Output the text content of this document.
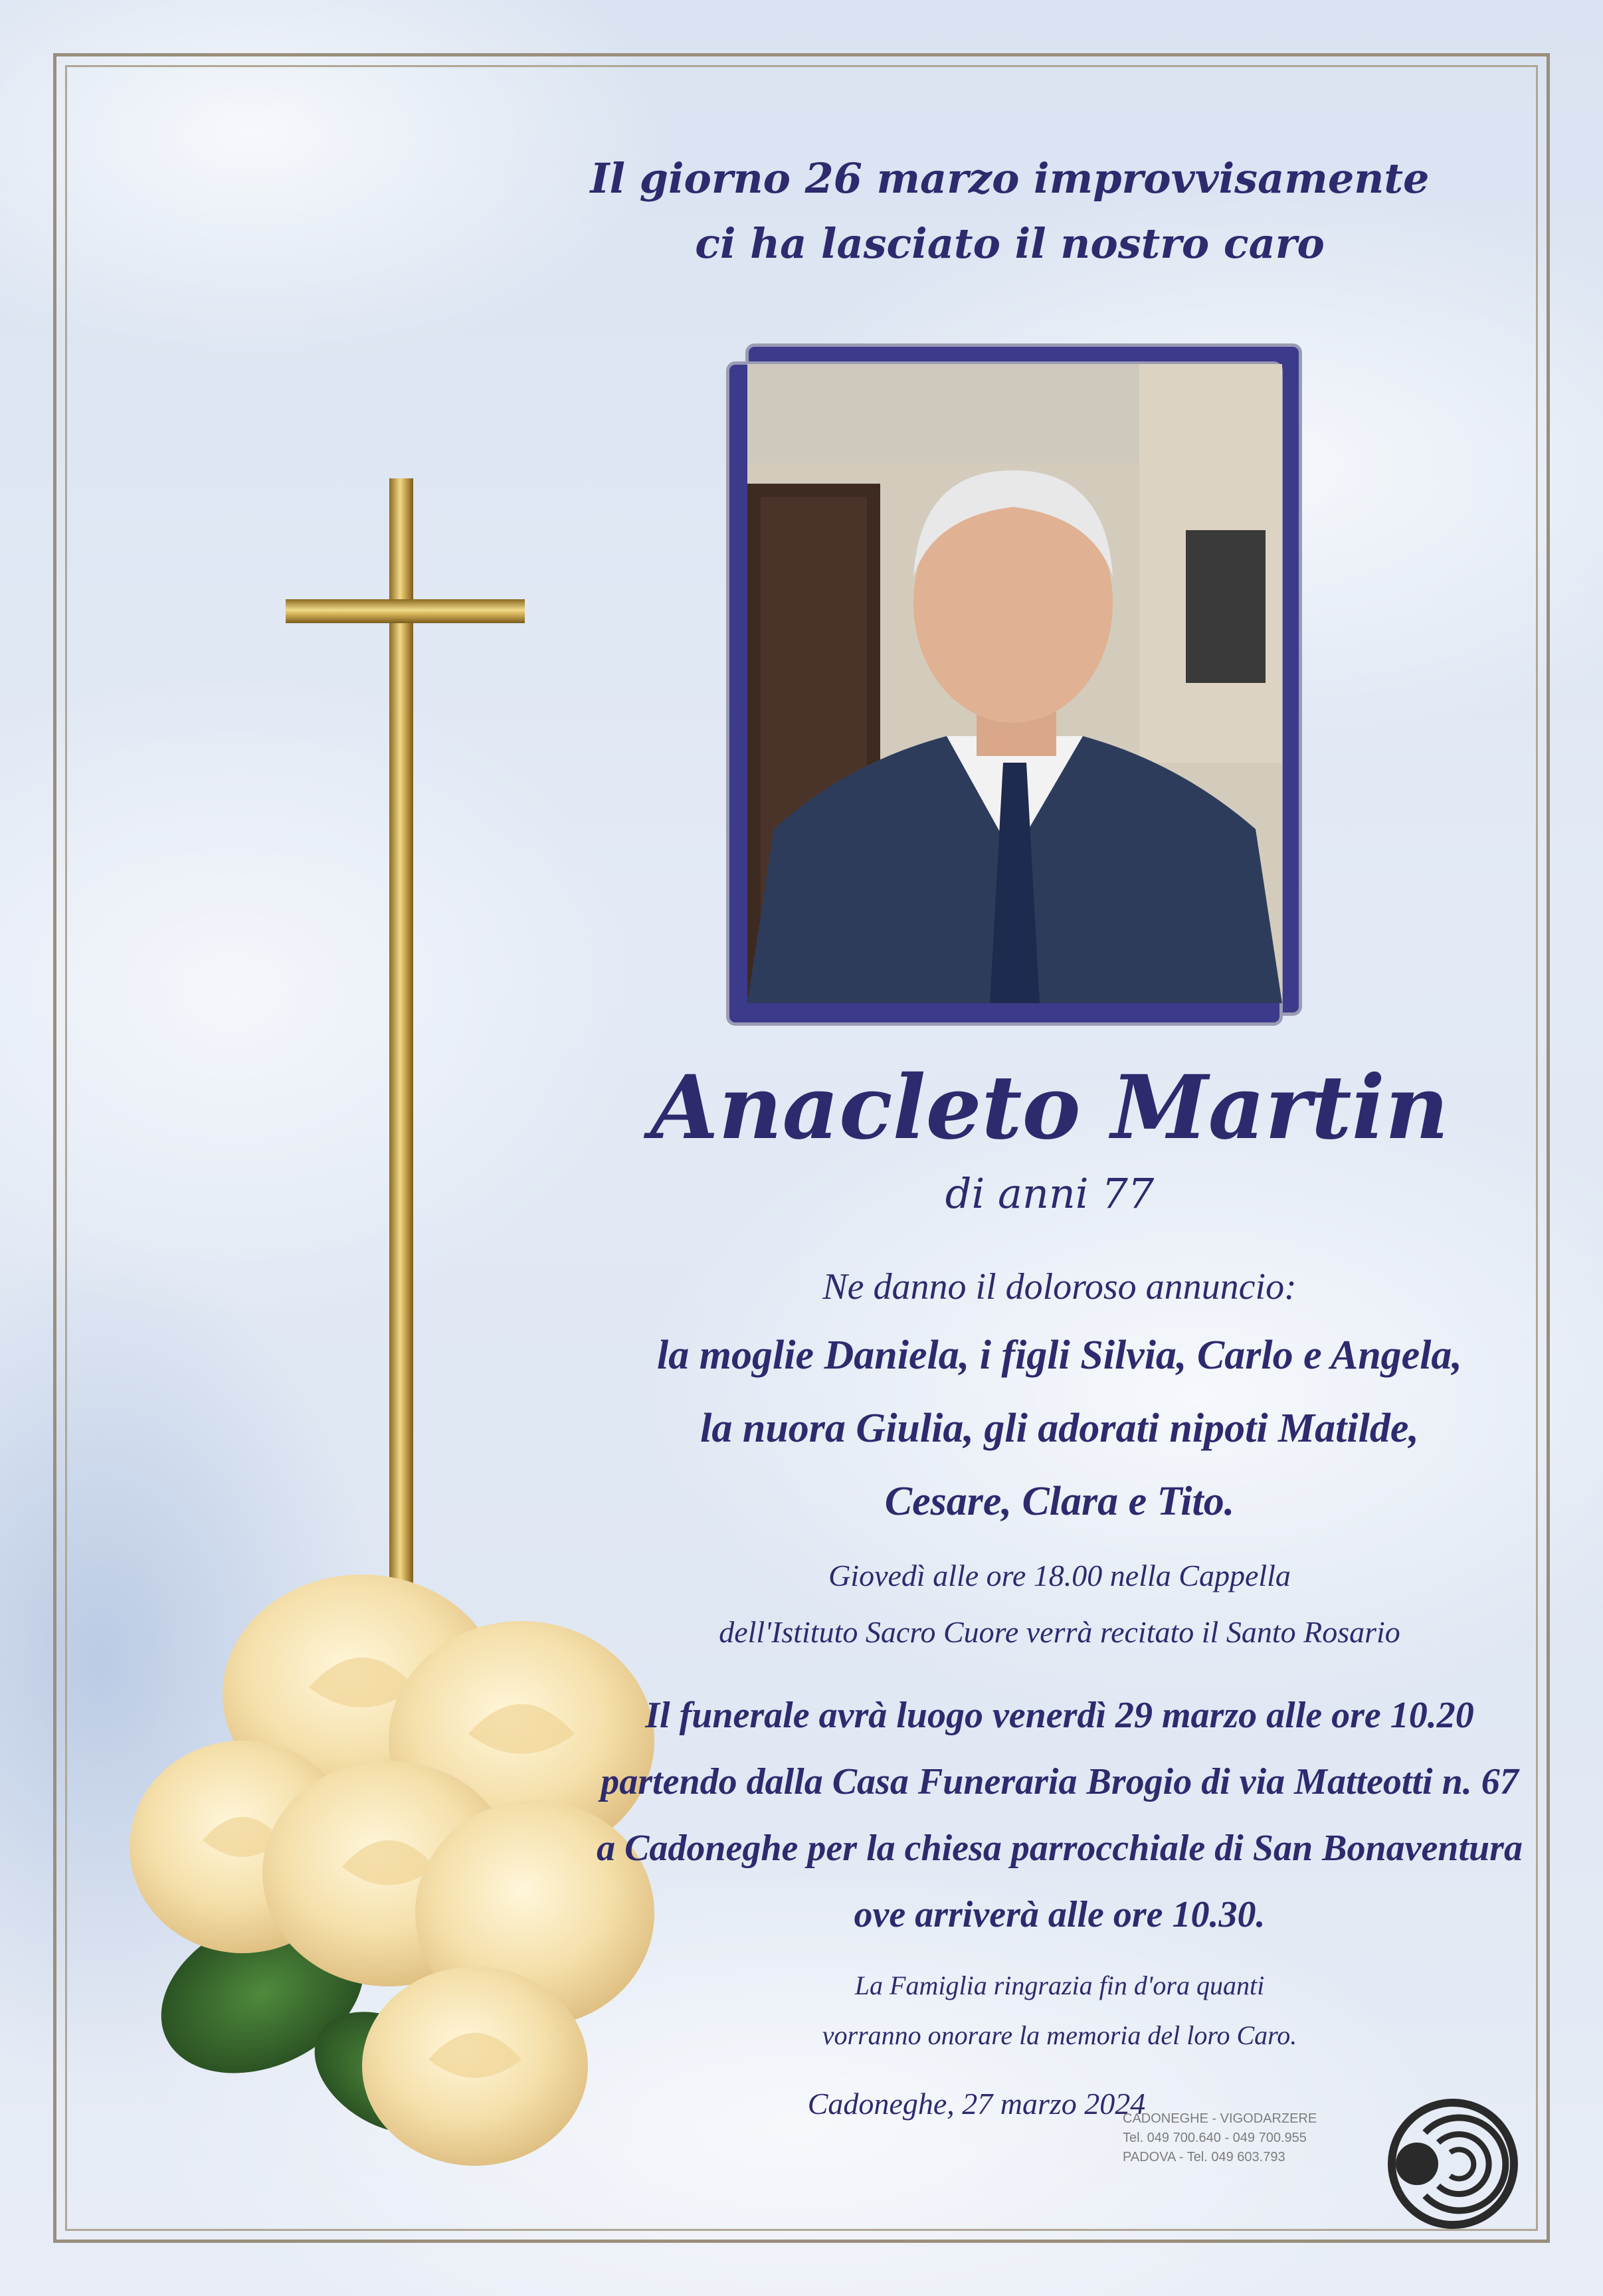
Il giorno 26 marzo improvvisamente
ci ha lasciato il nostro caro
Anacleto Martin
di anni 77
Ne danno il doloroso annuncio:
la moglie Daniela, i figli Silvia, Carlo e Angela,
la nuora Giulia, gli adorati nipoti Matilde,
Cesare, Clara e Tito.
Giovedì alle ore 18.00 nella Cappella
dell'Istituto Sacro Cuore verrà recitato il Santo Rosario
Il funerale avrà luogo venerdì 29 marzo alle ore 10.20
partendo dalla Casa Funeraria Brogio di via Matteotti n. 67
a Cadoneghe per la chiesa parrocchiale di San Bonaventura
ove arriverà alle ore 10.30.
La Famiglia ringrazia fin d'ora quanti
vorranno onorare la memoria del loro Caro.
Cadoneghe, 27 marzo 2024
CADONEGHE - VIGODARZERE
Tel. 049 700.640 - 049 700.955
PADOVA - Tel. 049 603.793
